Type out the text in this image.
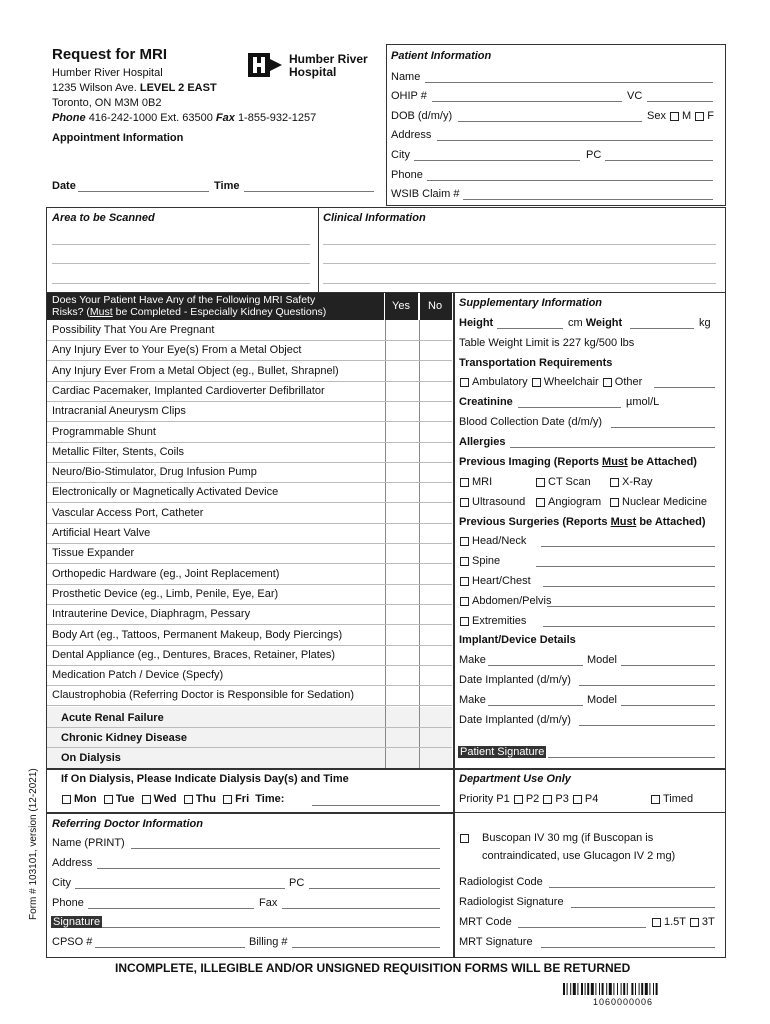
Request for MRI
Humber River Hospital
1235 Wilson Ave. LEVEL 2 EAST
Toronto, ON M3M 0B2
Phone 416-242-1000 Ext. 63500 Fax 1-855-932-1257
Appointment Information
Humber River
Hospital
Date	Time
Patient Information
Name
OHIP #	VC
DOB (d/m/y)	Sex M F
Address
City	PC
Phone
WSIB Claim #
Area to be Scanned	Clinical Information
Does Your Patient Have Any of the Following MRI Safety
Risks? (Must be Completed - Especially Kidney Questions)	Yes No
Possibility That You Are Pregnant
Any Injury Ever to Your Eye(s) From a Metal Object
Any Injury Ever From a Metal Object (eg., Bullet, Shrapnel)
Cardiac Pacemaker, Implanted Cardioverter Defibrillator
Intracranial Aneurysm Clips
Programmable Shunt
Metallic Filter, Stents, Coils
Neuro/Bio-Stimulator, Drug Infusion Pump
Electronically or Magnetically Activated Device
Vascular Access Port, Catheter
Artificial Heart Valve
Tissue Expander
Orthopedic Hardware (eg., Joint Replacement)
Prosthetic Device (eg., Limb, Penile, Eye, Ear)
Intrauterine Device, Diaphragm, Pessary
Body Art (eg., Tattoos, Permanent Makeup, Body Piercings)
Dental Appliance (eg., Dentures, Braces, Retainer, Plates)
Medication Patch / Device (Specfy)
Claustrophobia (Referring Doctor is Responsible for Sedation)
Acute Renal Failure
Chronic Kidney Disease
On Dialysis
If On Dialysis, Please Indicate Dialysis Day(s) and Time
Mon Tue Wed Thu Fri Time:
Supplementary Information
Height	cm Weight	kg
Table Weight Limit is 227 kg/500 lbs
Transportation Requirements
Ambulatory Wheelchair Other
Creatinine	µmol/L
Blood Collection Date (d/m/y)
Allergies
Previous Imaging (Reports Must be Attached)
MRI	CT Scan	X-Ray
Ultrasound	Angiogram	Nuclear Medicine
Previous Surgeries (Reports Must be Attached)
Head/Neck
Spine
Heart/Chest
Abdomen/Pelvis
Extremities
Implant/Device Details
Make	Model
Date Implanted (d/m/y)
Make	Model
Date Implanted (d/m/y)
Patient Signature
Department Use Only
Priority P1 P2 P3 P4	Timed
Buscopan IV 30 mg (if Buscopan is
contraindicated, use Glucagon IV 2 mg)
Radiologist Code
Radiologist Signature
MRT Code	1.5T 3T
MRT Signature
Referring Doctor Information
Name (PRINT)
Address
City	PC
Phone	Fax
Signature
CPSO #	Billing #
INCOMPLETE, ILLEGIBLE AND/OR UNSIGNED REQUISITION FORMS WILL BE RETURNED
1060000006
Form # 103101, version (12-2021)
